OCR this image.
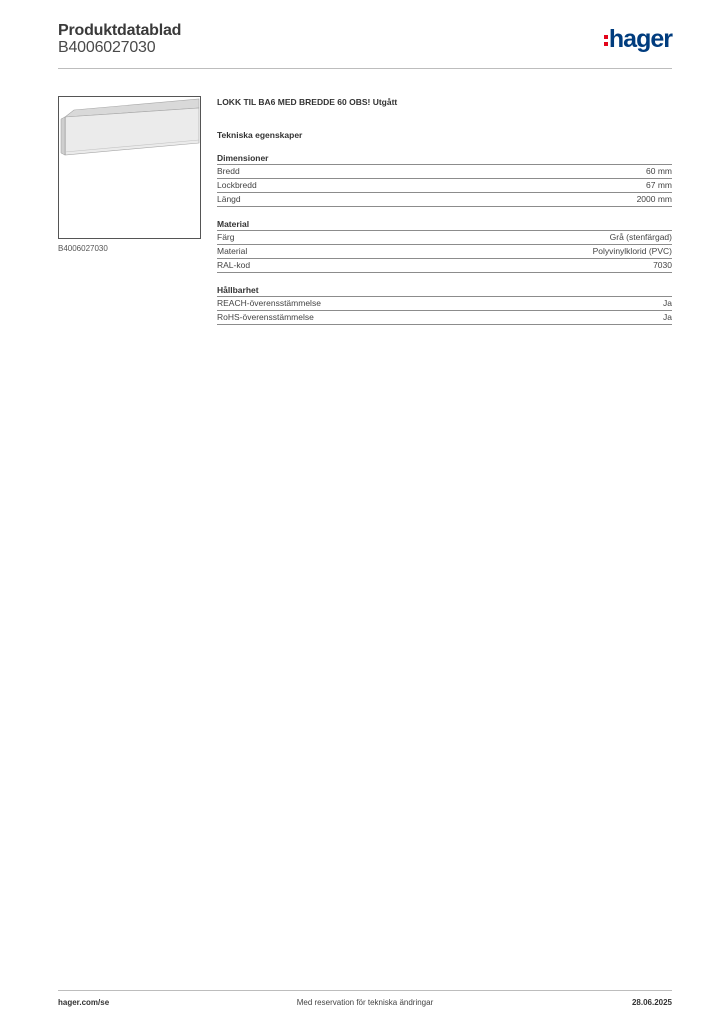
Produktdatablad
B4006027030	hager
B4006027030
LOKK TIL BA6 MED BREDDE 60 OBS! Utgått
Tekniska egenskaper
Dimensioner
Bredd	60 mm
Lockbredd	67 mm
Längd	2000 mm
Material
Färg	Grå (stenfärgad)
Material	Polyvinylklorid (PVC)
RAL-kod	7030
Hållbarhet
REACH-överensstämmelse	Ja
RoHS-överensstämmelse	Ja
hager.com/se	Med reservation för tekniska ändringar	28.06.2025
